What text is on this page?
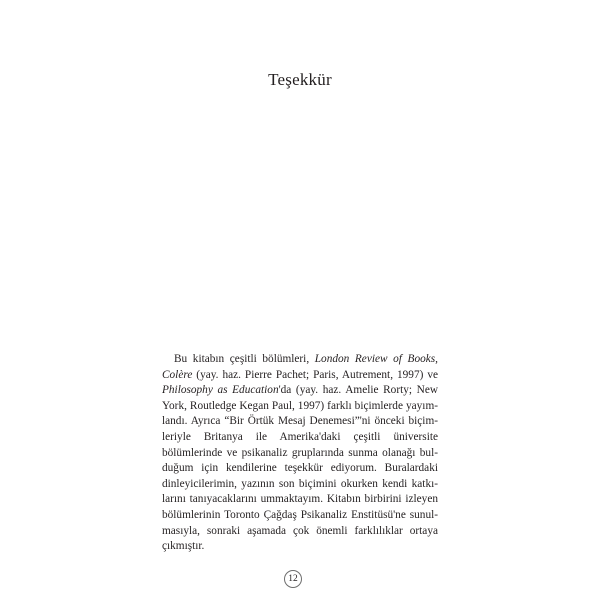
Teşekkür
Bu kitabın çeşitli bölümleri, London Review of Books,
Colère (yay. haz. Pierre Pachet; Paris, Autrement, 1997) ve
Philosophy as Education'da (yay. haz. Amelie Rorty; New
York, Routledge Kegan Paul, 1997) farklı biçimlerde yayım-
landı. Ayrıca “Bir Örtük Mesaj Denemesi”'ni önceki biçim-
leriyle Britanya ile Amerika'daki çeşitli üniversite
bölümlerinde ve psikanaliz gruplarında sunma olanağı bul-
duğum için kendilerine teşekkür ediyorum. Buralardaki
dinleyicilerimin, yazının son biçimini okurken kendi katkı-
larını tanıyacaklarını ummaktayım. Kitabın birbirini izleyen
bölümlerinin Toronto Çağdaş Psikanaliz Enstitüsü'ne sunul-
masıyla, sonraki aşamada çok önemli farklılıklar ortaya
çıkmıştır.
12
